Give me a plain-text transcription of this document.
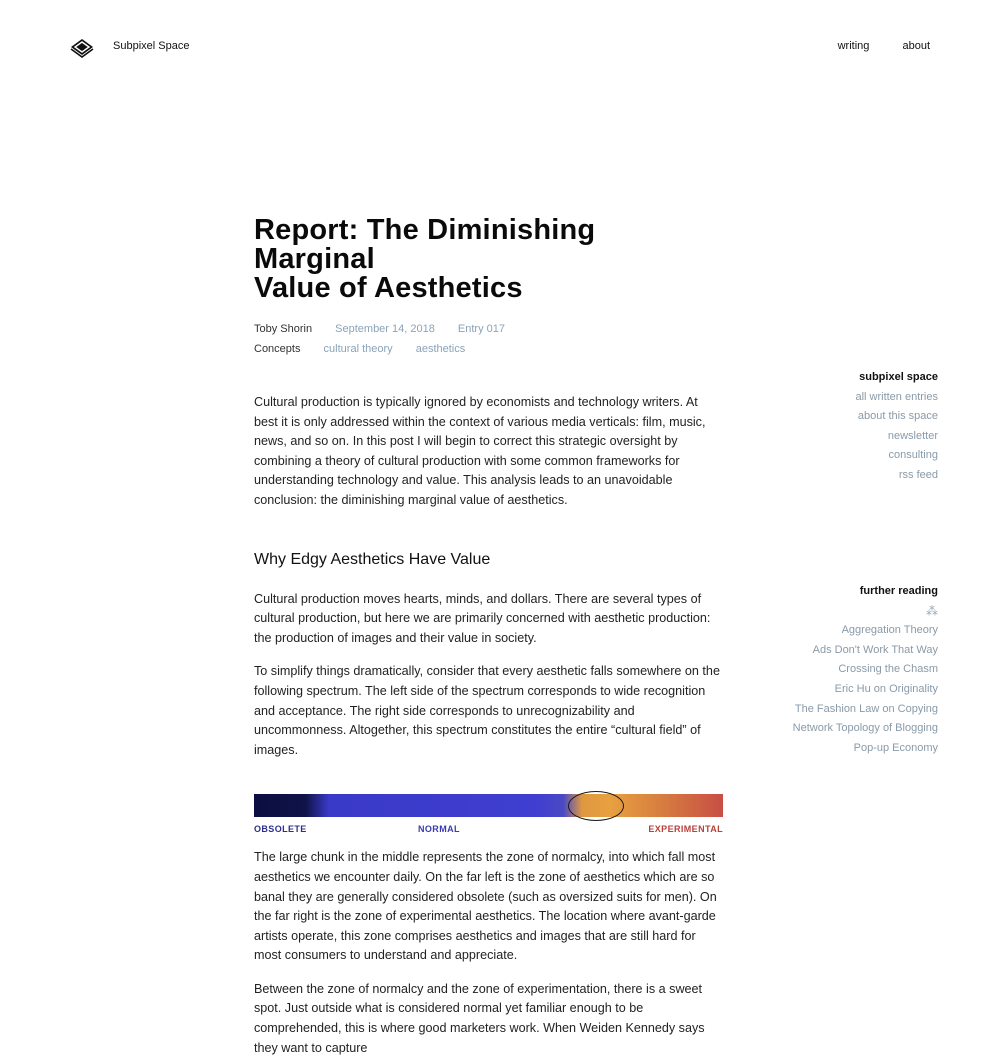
Subpixel Space	writing	about
Report: The Diminishing Marginal
Value of Aesthetics
Toby Shorin September 14, 2018 Entry 017
Concepts cultural theory aesthetics

Cultural production is typically ignored by economists and technology writers. At best it is only addressed within the context of various media verticals: film, music, news, and so on. In this post I will begin to correct this strategic oversight by combining a theory of cultural production with some common frameworks for understanding technology and value. This analysis leads to an unavoidable conclusion: the diminishing marginal value of aesthetics.

Why Edgy Aesthetics Have Value

Cultural production moves hearts, minds, and dollars. There are several types of cultural production, but here we are primarily concerned with aesthetic production: the production of images and their value in society.

To simplify things dramatically, consider that every aesthetic falls somewhere on the following spectrum. The left side of the spectrum corresponds to wide recognition and acceptance. The right side corresponds to unrecognizability and uncommonness. Altogether, this spectrum constitutes the entire “cultural field” of images.

OBSOLETE	NORMAL	EXPERIMENTAL

The large chunk in the middle represents the zone of normalcy, into which fall most aesthetics we encounter daily. On the far left is the zone of aesthetics which are so banal they are generally considered obsolete (such as oversized suits for men). On the far right is the zone of experimental aesthetics. The location where avant-garde artists operate, this zone comprises aesthetics and images that are still hard for most consumers to understand and appreciate.

Between the zone of normalcy and the zone of experimentation, there is a sweet spot. Just outside what is considered normal yet familiar enough to be comprehended, this is where good marketers work. When Weiden Kennedy says they want to capture

subpixel space
all written entries
about this space
newsletter
consulting
rss feed
further reading
⁂
Aggregation Theory
Ads Don't Work That Way
Crossing the Chasm
Eric Hu on Originality
The Fashion Law on Copying
Network Topology of Blogging
Pop-up Economy
